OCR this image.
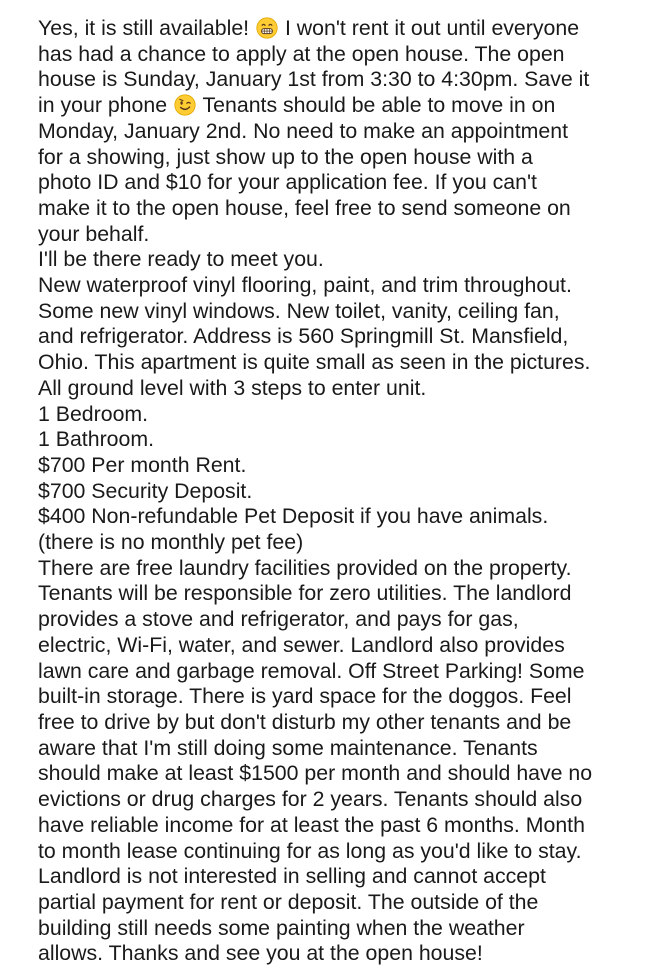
Yes, it is still available! I won't rent it out until everyone
has had a chance to apply at the open house. The open
house is Sunday, January 1st from 3:30 to 4:30pm. Save it
in your phone Tenants should be able to move in on
Monday, January 2nd. No need to make an appointment
for a showing, just show up to the open house with a
photo ID and $10 for your application fee. If you can't
make it to the open house, feel free to send someone on
your behalf.
I'll be there ready to meet you.
New waterproof vinyl flooring, paint, and trim throughout.
Some new vinyl windows. New toilet, vanity, ceiling fan,
and refrigerator. Address is 560 Springmill St. Mansfield,
Ohio. This apartment is quite small as seen in the pictures.
All ground level with 3 steps to enter unit.
1 Bedroom.
1 Bathroom.
$700 Per month Rent.
$700 Security Deposit.
$400 Non-refundable Pet Deposit if you have animals.
(there is no monthly pet fee)
There are free laundry facilities provided on the property.
Tenants will be responsible for zero utilities. The landlord
provides a stove and refrigerator, and pays for gas,
electric, Wi-Fi, water, and sewer. Landlord also provides
lawn care and garbage removal. Off Street Parking! Some
built-in storage. There is yard space for the doggos. Feel
free to drive by but don't disturb my other tenants and be
aware that I'm still doing some maintenance. Tenants
should make at least $1500 per month and should have no
evictions or drug charges for 2 years. Tenants should also
have reliable income for at least the past 6 months. Month
to month lease continuing for as long as you'd like to stay.
Landlord is not interested in selling and cannot accept
partial payment for rent or deposit. The outside of the
building still needs some painting when the weather
allows. Thanks and see you at the open house!
